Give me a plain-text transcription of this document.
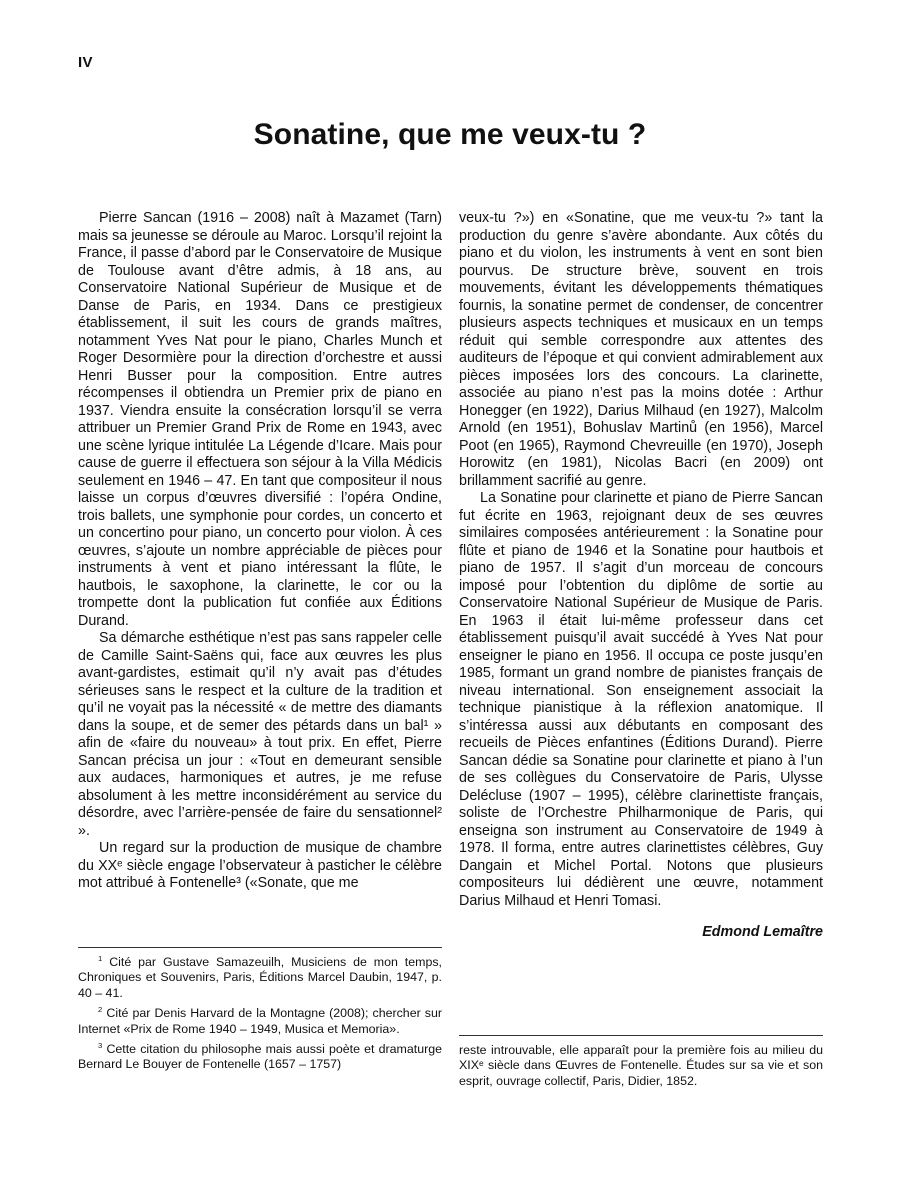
IV
Sonatine, que me veux-tu ?

Pierre Sancan (1916 – 2008) naît à Mazamet (Tarn) mais sa jeunesse se déroule au Maroc. Lorsqu’il rejoint la France, il passe d’abord par le Conservatoire de Musique de Toulouse avant d’être admis, à 18 ans, au Conservatoire National Supérieur de Musique et de Danse de Paris, en 1934. Dans ce prestigieux établissement, il suit les cours de grands maîtres, notamment Yves Nat pour le piano, Charles Munch et Roger Desormière pour la direction d’orchestre et aussi Henri Busser pour la composition. Entre autres récompenses il obtiendra un Premier prix de piano en 1937. Viendra ensuite la consécration lorsqu’il se verra attribuer un Premier Grand Prix de Rome en 1943, avec une scène lyrique intitulée La Légende d’Icare. Mais pour cause de guerre il effectuera son séjour à la Villa Médicis seulement en 1946 – 47. En tant que compositeur il nous laisse un corpus d’œuvres diversifié : l’opéra Ondine, trois ballets, une symphonie pour cordes, un concerto et un concertino pour piano, un concerto pour violon. À ces œuvres, s’ajoute un nombre appréciable de pièces pour instruments à vent et piano intéressant la flûte, le hautbois, le saxophone, la clarinette, le cor ou la trompette dont la publication fut confiée aux Éditions Durand.

Sa démarche esthétique n’est pas sans rappeler celle de Camille Saint-Saëns qui, face aux œuvres les plus avant-gardistes, estimait qu’il n’y avait pas d’études sérieuses sans le respect et la culture de la tradition et qu’il ne voyait pas la nécessité « de mettre des diamants dans la soupe, et de semer des pétards dans un bal¹ » afin de «faire du nouveau» à tout prix. En effet, Pierre Sancan précisa un jour : «Tout en demeurant sensible aux audaces, harmoniques et autres, je me refuse absolument à les mettre inconsidérément au service du désordre, avec l’arrière-pensée de faire du sensationnel² ».

Un regard sur la production de musique de chambre du XXᵉ siècle engage l’observateur à pasticher le célèbre mot attribué à Fontenelle³ («Sonate, que me

veux-tu ?») en «Sonatine, que me veux-tu ?» tant la production du genre s’avère abondante. Aux côtés du piano et du violon, les instruments à vent en sont bien pourvus. De structure brève, souvent en trois mouvements, évitant les développements thématiques fournis, la sonatine permet de condenser, de concentrer plusieurs aspects techniques et musicaux en un temps réduit qui semble correspondre aux attentes des auditeurs de l’époque et qui convient admirablement aux pièces imposées lors des concours. La clarinette, associée au piano n’est pas la moins dotée : Arthur Honegger (en 1922), Darius Milhaud (en 1927), Malcolm Arnold (en 1951), Bohuslav Martinů (en 1956), Marcel Poot (en 1965), Raymond Chevreuille (en 1970), Joseph Horowitz (en 1981), Nicolas Bacri (en 2009) ont brillamment sacrifié au genre.

La Sonatine pour clarinette et piano de Pierre Sancan fut écrite en 1963, rejoignant deux de ses œuvres similaires composées antérieurement : la Sonatine pour flûte et piano de 1946 et la Sonatine pour hautbois et piano de 1957. Il s’agit d’un morceau de concours imposé pour l’obtention du diplôme de sortie au Conservatoire National Supérieur de Musique de Paris. En 1963 il était lui-même professeur dans cet établissement puisqu’il avait succédé à Yves Nat pour enseigner le piano en 1956. Il occupa ce poste jusqu’en 1985, formant un grand nombre de pianistes français de niveau international. Son enseignement associait la technique pianistique à la réflexion anatomique. Il s’intéressa aussi aux débutants en composant des recueils de Pièces enfantines (Éditions Durand). Pierre Sancan dédie sa Sonatine pour clarinette et piano à l’un de ses collègues du Conservatoire de Paris, Ulysse Delécluse (1907 – 1995), célèbre clarinettiste français, soliste de l’Orchestre Philharmonique de Paris, qui enseigna son instrument au Conservatoire de 1949 à 1978. Il forma, entre autres clarinettistes célèbres, Guy Dangain et Michel Portal. Notons que plusieurs compositeurs lui dédièrent une œuvre, notamment Darius Milhaud et Henri Tomasi.

Edmond Lemaître

$^1$ Cité par Gustave Samazeuilh, Musiciens de mon temps, Chroniques et Souvenirs, Paris, Éditions Marcel Daubin, 1947, p. 40 – 41.

$^2$ Cité par Denis Harvard de la Montagne (2008); chercher sur Internet «Prix de Rome 1940 – 1949, Musica et Memoria».

$^3$ Cette citation du philosophe mais aussi poète et dramaturge Bernard Le Bouyer de Fontenelle (1657 – 1757)

reste introuvable, elle apparaît pour la première fois au milieu du XIXᵉ siècle dans Œuvres de Fontenelle. Études sur sa vie et son esprit, ouvrage collectif, Paris, Didier, 1852.
